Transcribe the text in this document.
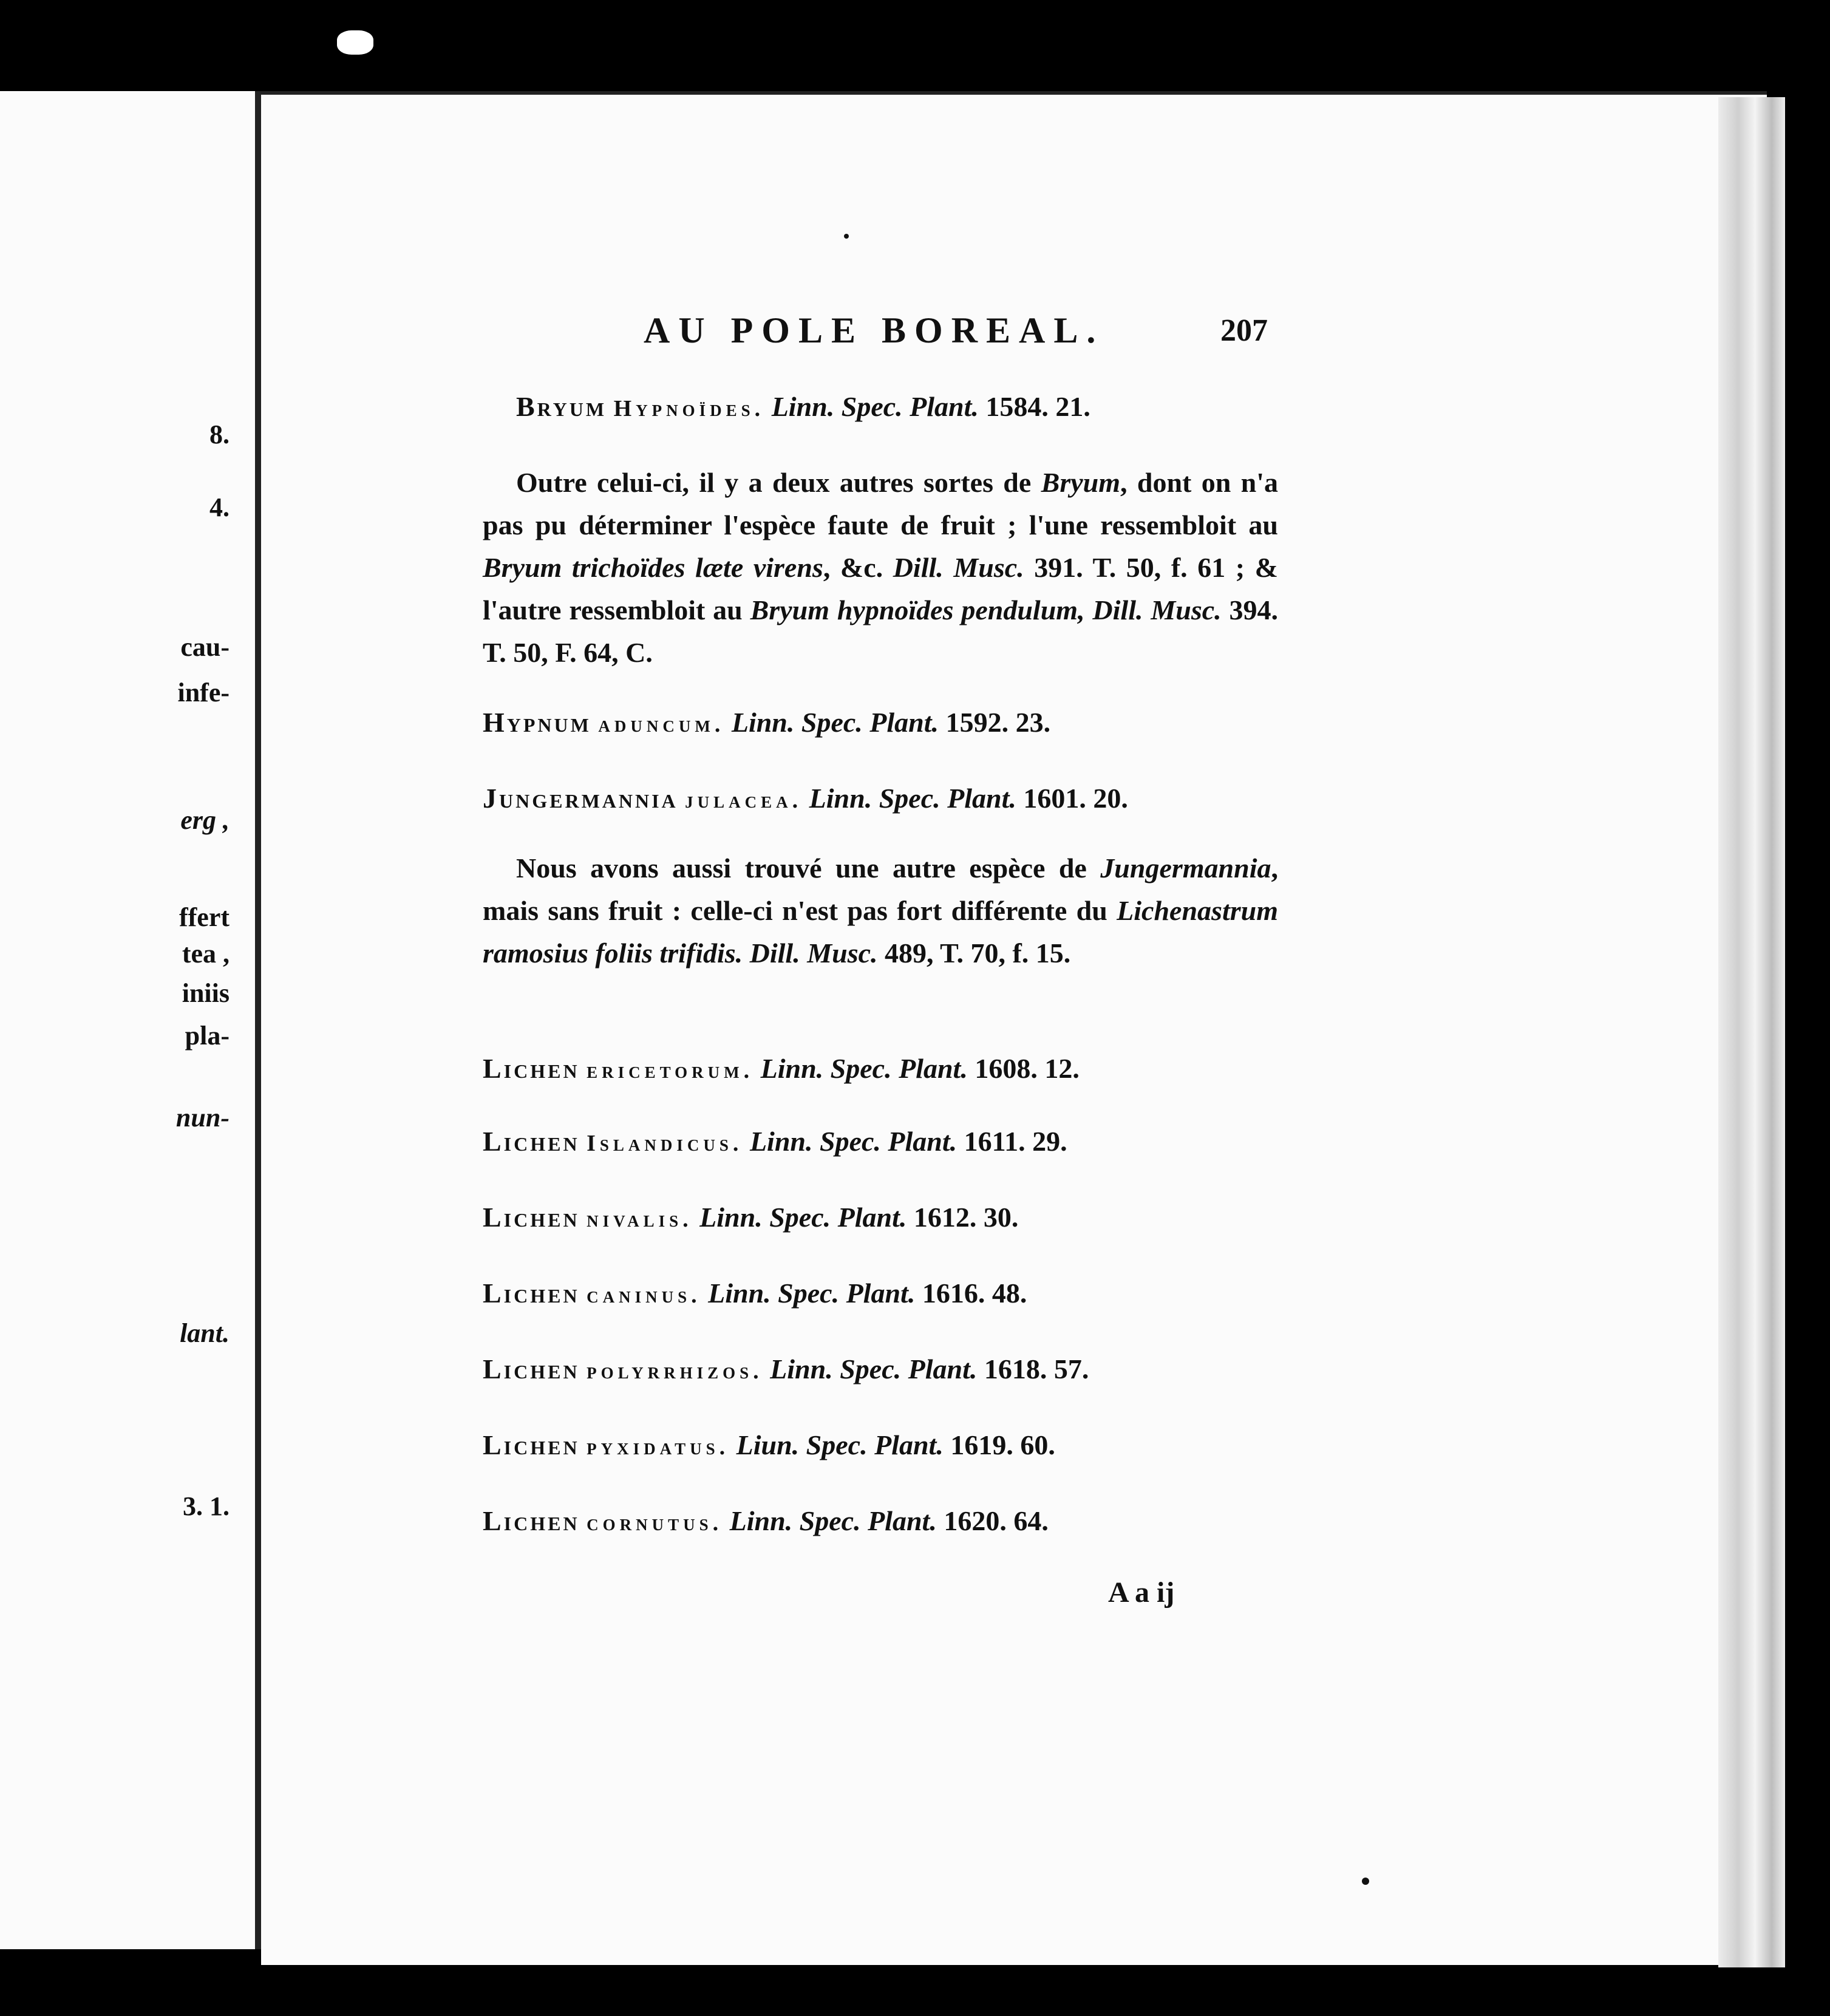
8.
4.
cau-
infe-
erg ,
ffert
tea ,
iniis
pla-
nun-
lant.
3. 1.
AU POLE BOREAL.	207
Bryum Hypnoïdes. Linn. Spec. Plant. 1584. 21.
Outre celui-ci, il y a deux autres sortes de Bryum, dont on n'a pas pu déterminer l'espèce faute de fruit ; l'une ressembloit au Bryum trichoïdes læte virens, &c. Dill. Musc. 391. T. 50, f. 61 ; & l'autre ressembloit au Bryum hypnoïdes pendulum, Dill. Musc. 394. T. 50, F. 64, C.
Hypnum aduncum. Linn. Spec. Plant. 1592. 23.
Jungermannia julacea. Linn. Spec. Plant. 1601. 20.
Nous avons aussi trouvé une autre espèce de Jungermannia, mais sans fruit : celle-ci n'est pas fort différente du Lichenastrum ramosius foliis trifidis. Dill. Musc. 489, T. 70, f. 15.
Lichen ericetorum. Linn. Spec. Plant. 1608. 12.
Lichen Islandicus. Linn. Spec. Plant. 1611. 29.
Lichen nivalis. Linn. Spec. Plant. 1612. 30.
Lichen caninus. Linn. Spec. Plant. 1616. 48.
Lichen polyrrhizos. Linn. Spec. Plant. 1618. 57.
Lichen pyxidatus. Liun. Spec. Plant. 1619. 60.
Lichen cornutus. Linn. Spec. Plant. 1620. 64.
A a ij
